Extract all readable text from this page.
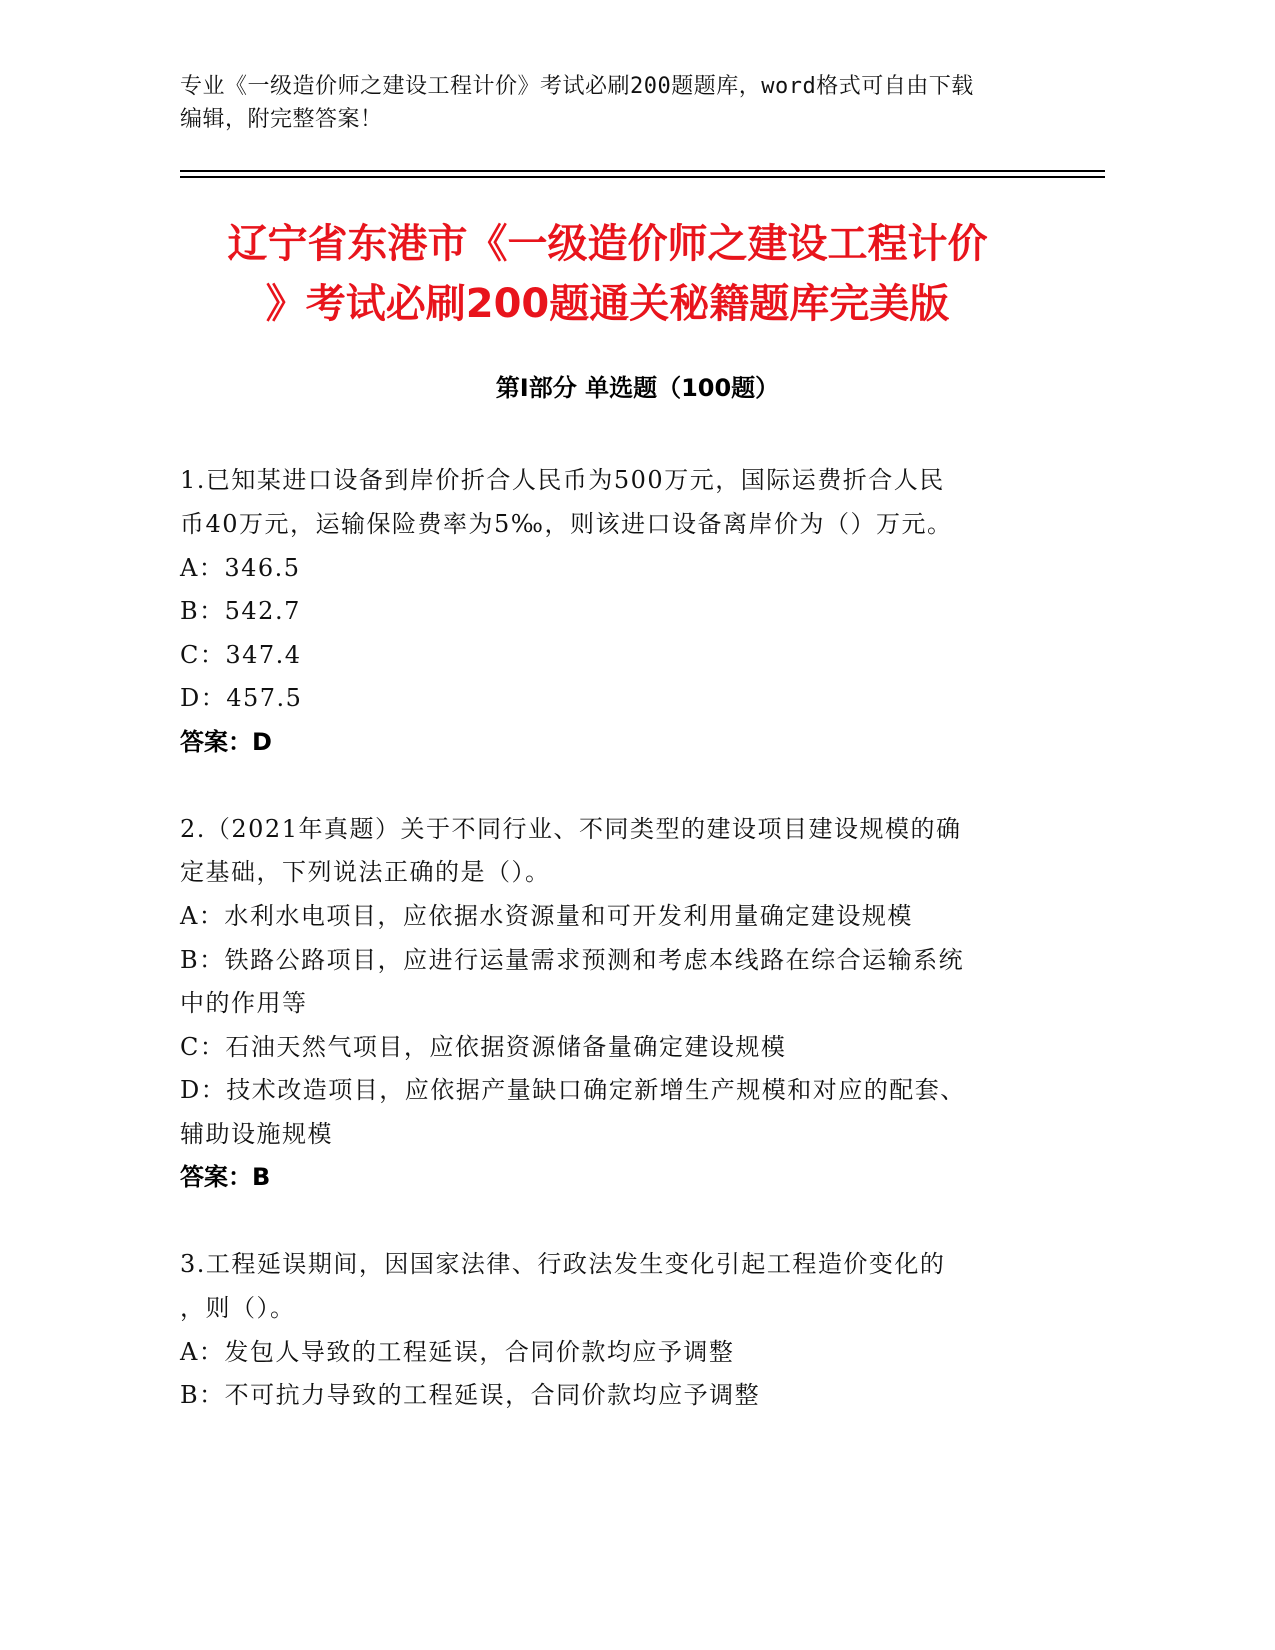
专业《一级造价师之建设工程计价》考试必刷200题题库，word格式可自由下载
编辑，附完整答案！
辽宁省东港市《一级造价师之建设工程计价
》考试必刷200题通关秘籍题库完美版
第Ⅰ部分 单选题（100题）
1.已知某进口设备到岸价折合人民币为500万元，国际运费折合人民
币40万元，运输保险费率为5‰，则该进口设备离岸价为（）万元。
A：346.5
B：542.7
C：347.4
D：457.5
答案：D
2.（2021年真题）关于不同行业、不同类型的建设项目建设规模的确
定基础，下列说法正确的是（）。
A：水利水电项目，应依据水资源量和可开发利用量确定建设规模
B：铁路公路项目，应进行运量需求预测和考虑本线路在综合运输系统
中的作用等
C：石油天然气项目，应依据资源储备量确定建设规模
D：技术改造项目，应依据产量缺口确定新增生产规模和对应的配套、
辅助设施规模
答案：B
3.工程延误期间，因国家法律、行政法发生变化引起工程造价变化的
，则（）。
A：发包人导致的工程延误，合同价款均应予调整
B：不可抗力导致的工程延误，合同价款均应予调整
